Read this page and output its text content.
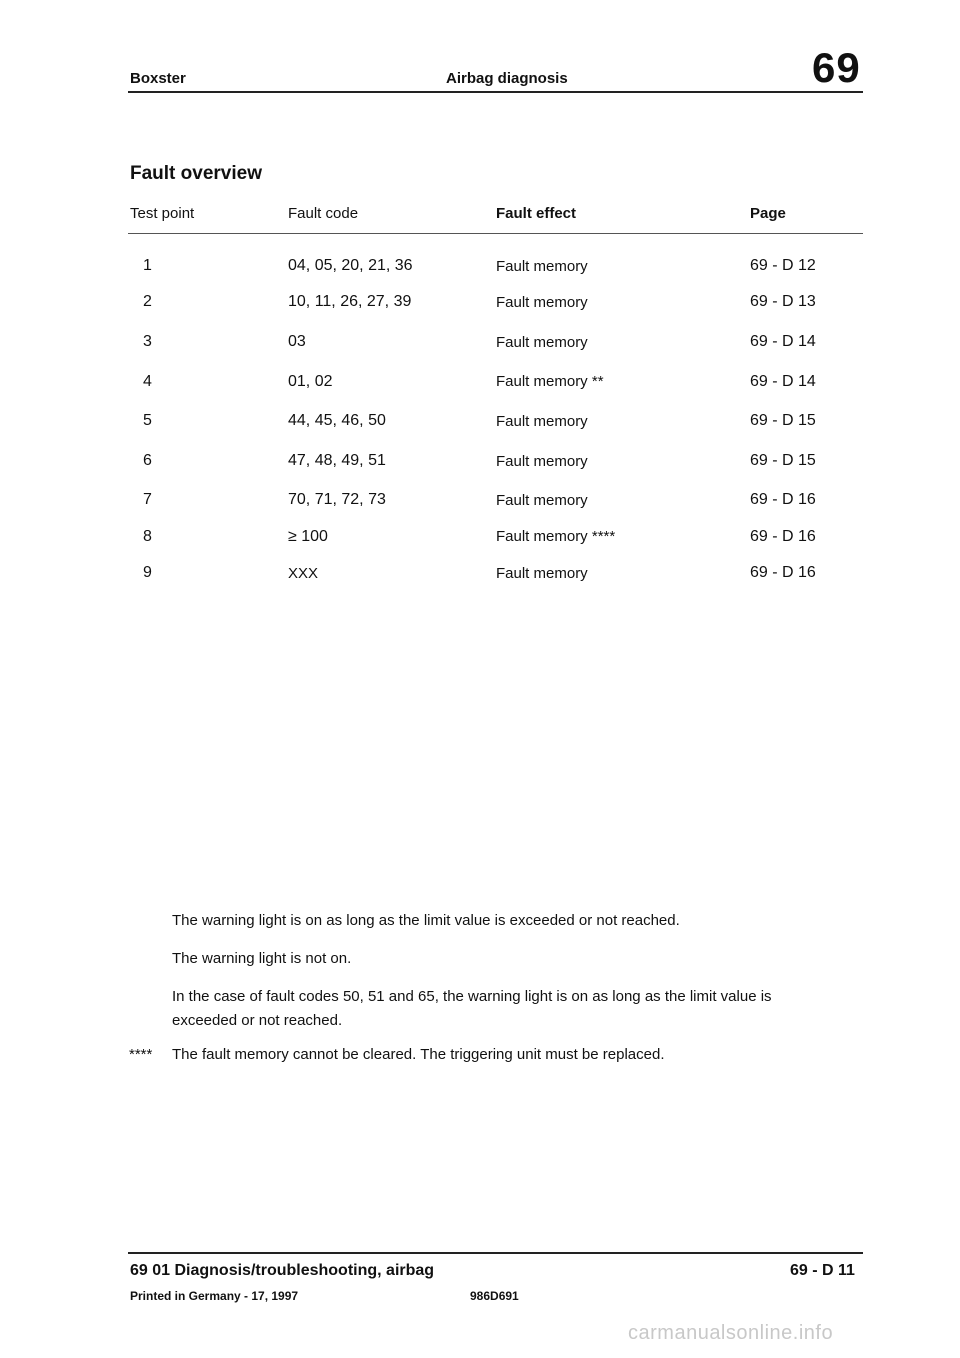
Boxster	Airbag diagnosis	69
Fault overview
Test point	Fault code	Fault effect	Page
1	04, 05, 20, 21, 36	Fault memory	69 - D 12
2	10, 11, 26, 27, 39	Fault memory	69 - D 13
3	03	Fault memory	69 - D 14
4	01, 02	Fault memory **	69 - D 14
5	44, 45, 46, 50	Fault memory	69 - D 15
6	47, 48, 49, 51	Fault memory	69 - D 15
7	70, 71, 72, 73	Fault memory	69 - D 16
8	≥ 100	Fault memory ****	69 - D 16
9	XXX	Fault memory	69 - D 16
The warning light is on as long as the limit value is exceeded or not reached.
The warning light is not on.
In the case of fault codes 50, 51 and 65, the warning light is on as long as the limit value is
exceeded or not reached.
**** The fault memory cannot be cleared. The triggering unit must be replaced.
69 01 Diagnosis/troubleshooting, airbag	69 - D 11
Printed in Germany - 17, 1997	986D691
carmanualsonline.info
